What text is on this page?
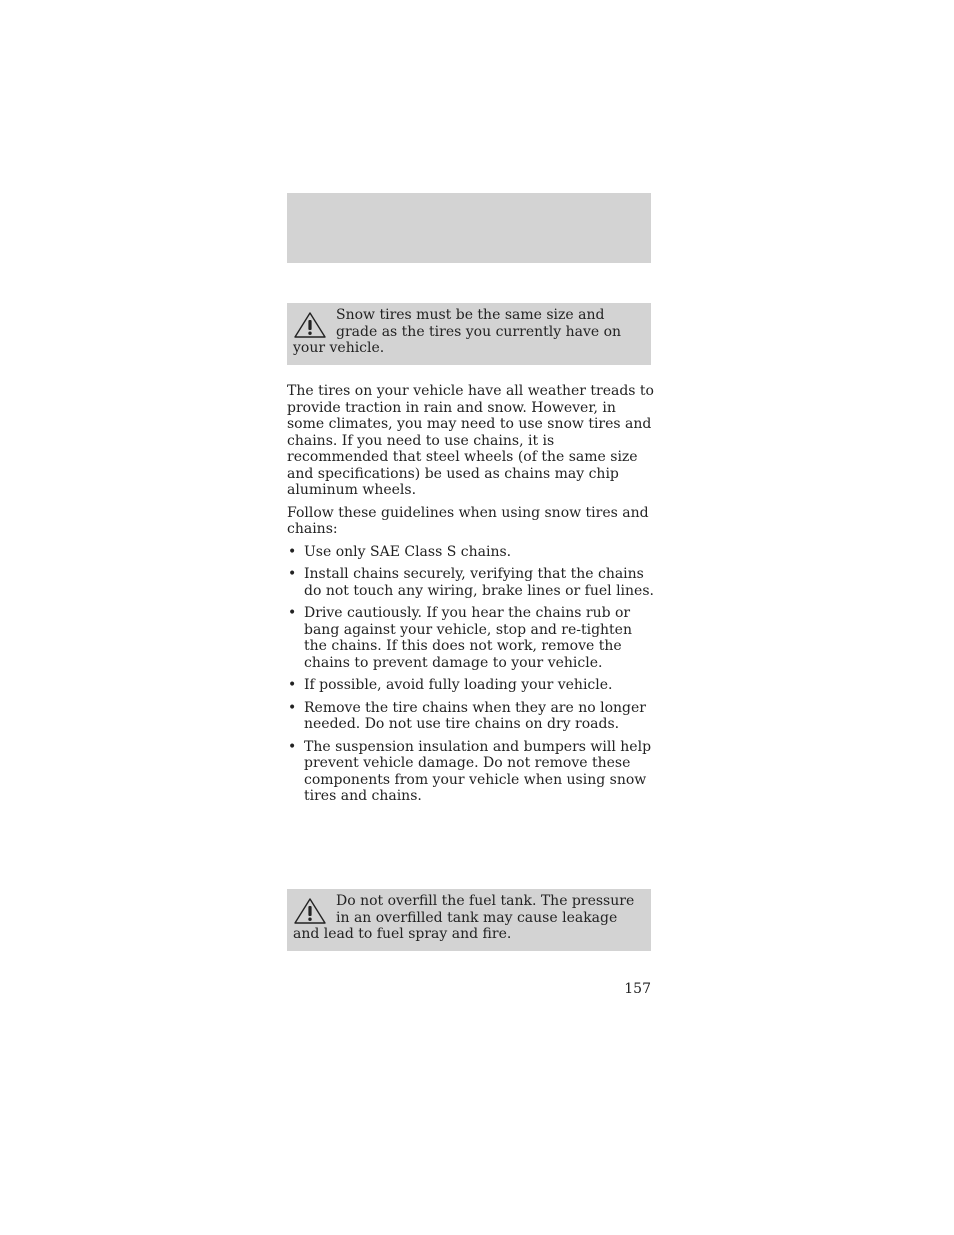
Snow tires must be the same size and grade as the tires you currently have on your vehicle.

The tires on your vehicle have all weather treads to provide traction in rain and snow. However, in some climates, you may need to use snow tires and chains. If you need to use chains, it is recommended that steel wheels (of the same size and specifications) be used as chains may chip aluminum wheels.

Follow these guidelines when using snow tires and chains:

• Use only SAE Class S chains.
• Install chains securely, verifying that the chains do not touch any wiring, brake lines or fuel lines.
• Drive cautiously. If you hear the chains rub or bang against your vehicle, stop and re-tighten the chains. If this does not work, remove the chains to prevent damage to your vehicle.
• If possible, avoid fully loading your vehicle.
• Remove the tire chains when they are no longer needed. Do not use tire chains on dry roads.
• The suspension insulation and bumpers will help prevent vehicle damage. Do not remove these components from your vehicle when using snow tires and chains.
Do not overfill the fuel tank. The pressure in an overfilled tank may cause leakage and lead to fuel spray and fire.
157
